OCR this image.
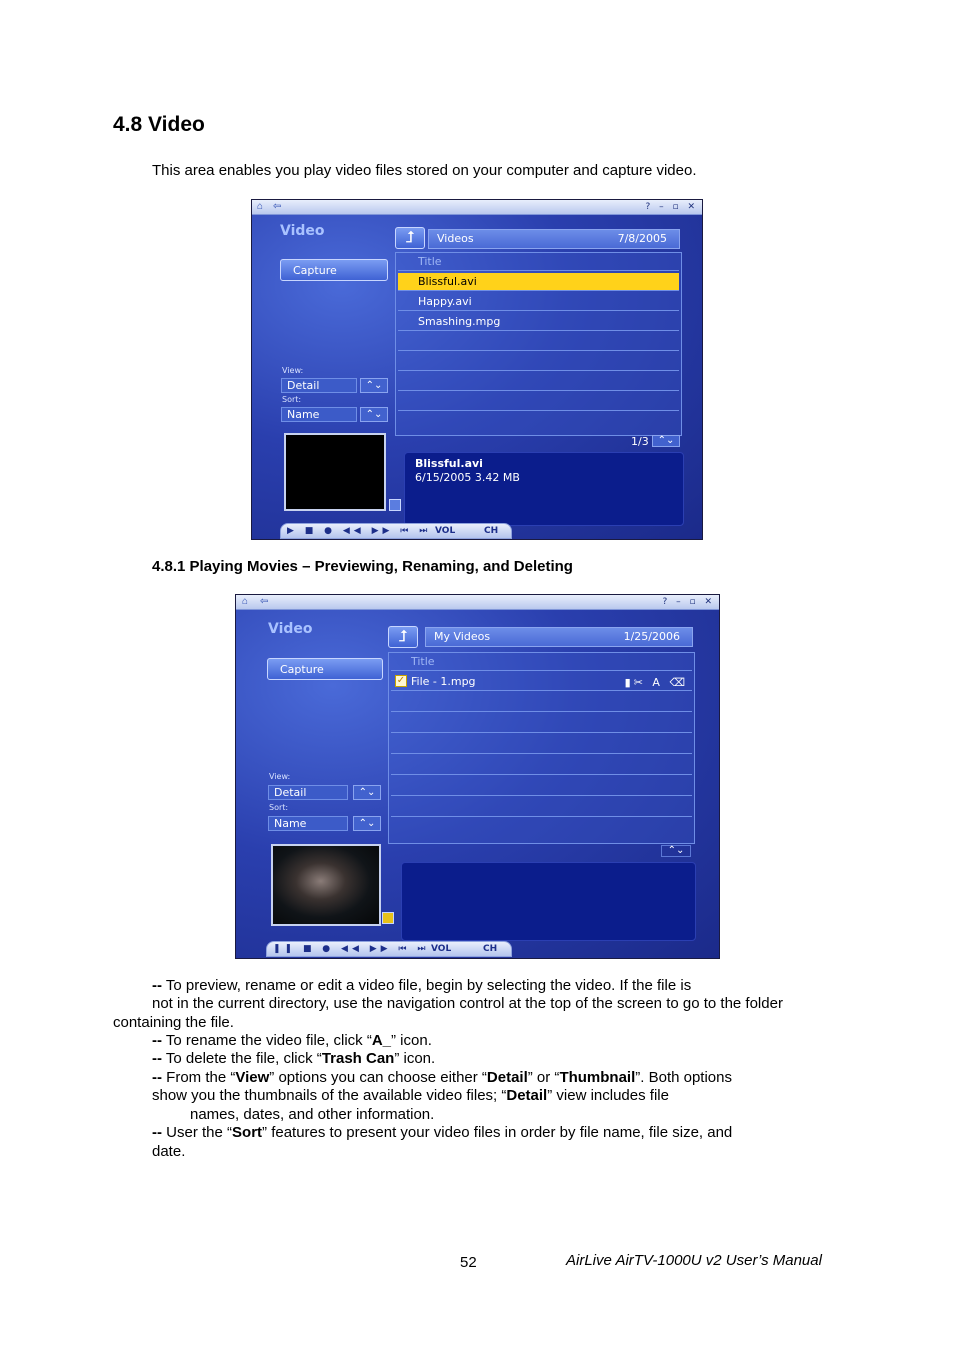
4.8 Video
This area enables you play video files stored on your computer and capture video.
⌂ ⇦	? – ▫ ✕
Video
Capture
⮥	Videos	7/8/2005
Title
Blissful.avi
Happy.avi
Smashing.mpg
View:
Detail	⌃⌄
Sort:
Name	⌃⌄
1/3 ⌃⌄
Blissful.avi
6/15/2005 3.42 MB
▶ ■ ● ◀◀ ▶▶ ⏮ ⏭ VOL	CH
4.8.1 Playing Movies – Previewing, Renaming, and Deleting
⌂ ⇦	? – ▫ ✕
Video
Capture
⮥	My Videos	1/25/2006
Title
✓ File - 1.mpg	▮✂ A ⌫
View:
Detail	⌃⌄
Sort:
Name	⌃⌄
⌃⌄
❚❚ ■ ● ◀◀ ▶▶ ⏮ ⏭ VOL	CH
-- To preview, rename or edit a video file, begin by selecting the video. If the file is
not in the current directory, use the navigation control at the top of the screen to go to the folder
containing the file.
-- To rename the video file, click “A_” icon.
-- To delete the file, click “Trash Can” icon.
-- From the “View” options you can choose either “Detail” or “Thumbnail”. Both options
show you the thumbnails of the available video files; “Detail” view includes file
names, dates, and other information.
-- User the “Sort” features to present your video files in order by file name, file size, and
date.
52	AirLive AirTV-1000U v2 User’s Manual
